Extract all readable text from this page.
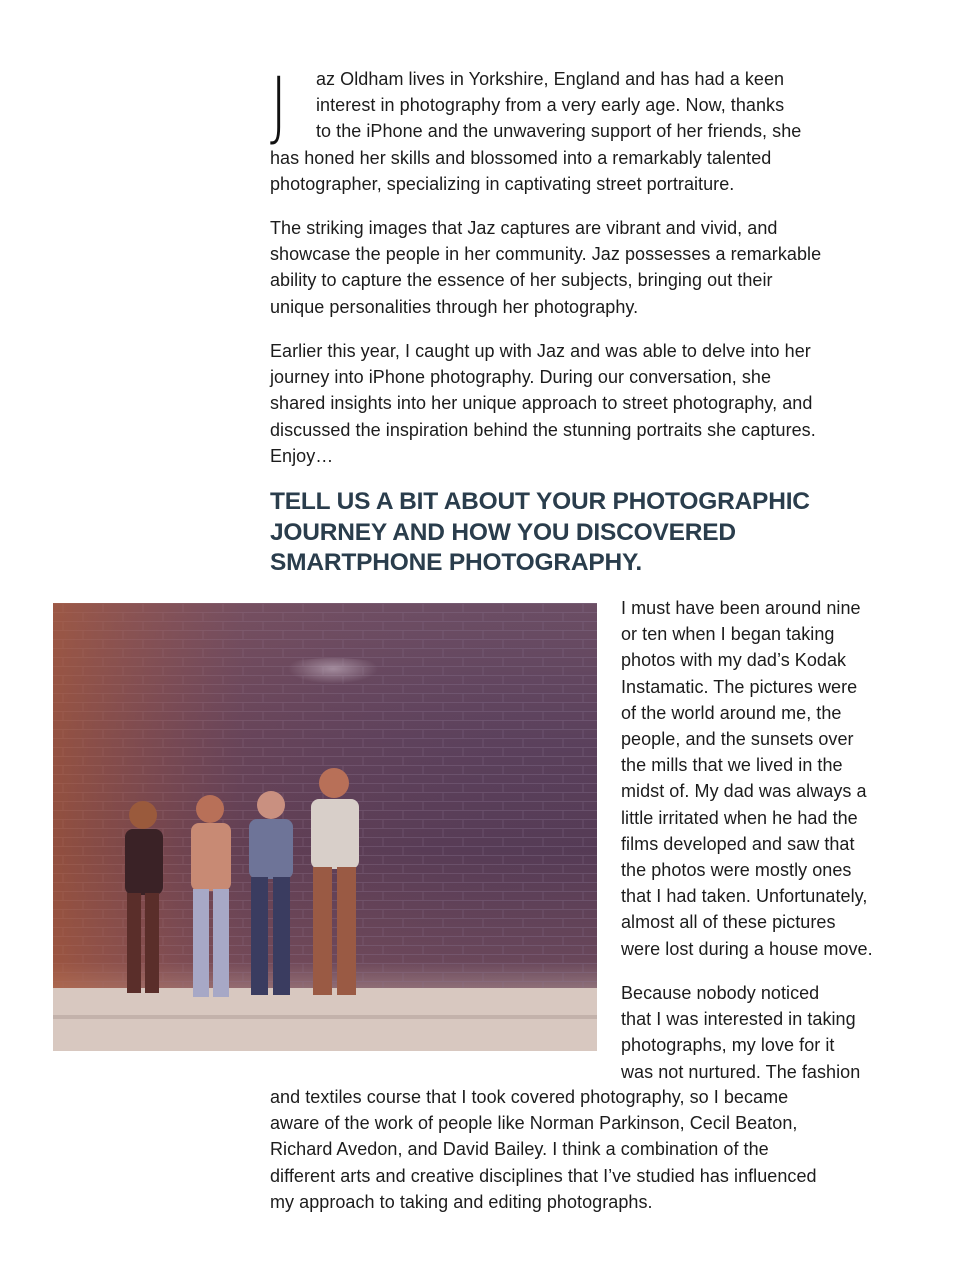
J	az Oldham lives in Yorkshire, England and has had a keen
interest in photography from a very early age. Now, thanks
to the iPhone and the unwavering support of her friends, she
has honed her skills and blossomed into a remarkably talented
photographer, specializing in captivating street portraiture.
The striking images that Jaz captures are vibrant and vivid, and
showcase the people in her community. Jaz possesses a remarkable
ability to capture the essence of her subjects, bringing out their
unique personalities through her photography.
Earlier this year, I caught up with Jaz and was able to delve into her
journey into iPhone photography. During our conversation, she
shared insights into her unique approach to street photography, and
discussed the inspiration behind the stunning portraits she captures.
Enjoy…
TELL US A BIT ABOUT YOUR PHOTOGRAPHIC
JOURNEY AND HOW YOU DISCOVERED
SMARTPHONE PHOTOGRAPHY.
I must have been around nine
or ten when I began taking
photos with my dad’s Kodak
Instamatic. The pictures were
of the world around me, the
people, and the sunsets over
the mills that we lived in the
midst of. My dad was always a
little irritated when he had the
films developed and saw that
the photos were mostly ones
that I had taken. Unfortunately,
almost all of these pictures
were lost during a house move.
Because nobody noticed
that I was interested in taking
photographs, my love for it
was not nurtured. The fashion
and textiles course that I took covered photography, so I became
aware of the work of people like Norman Parkinson, Cecil Beaton,
Richard Avedon, and David Bailey. I think a combination of the
different arts and creative disciplines that I’ve studied has influenced
my approach to taking and editing photographs.
